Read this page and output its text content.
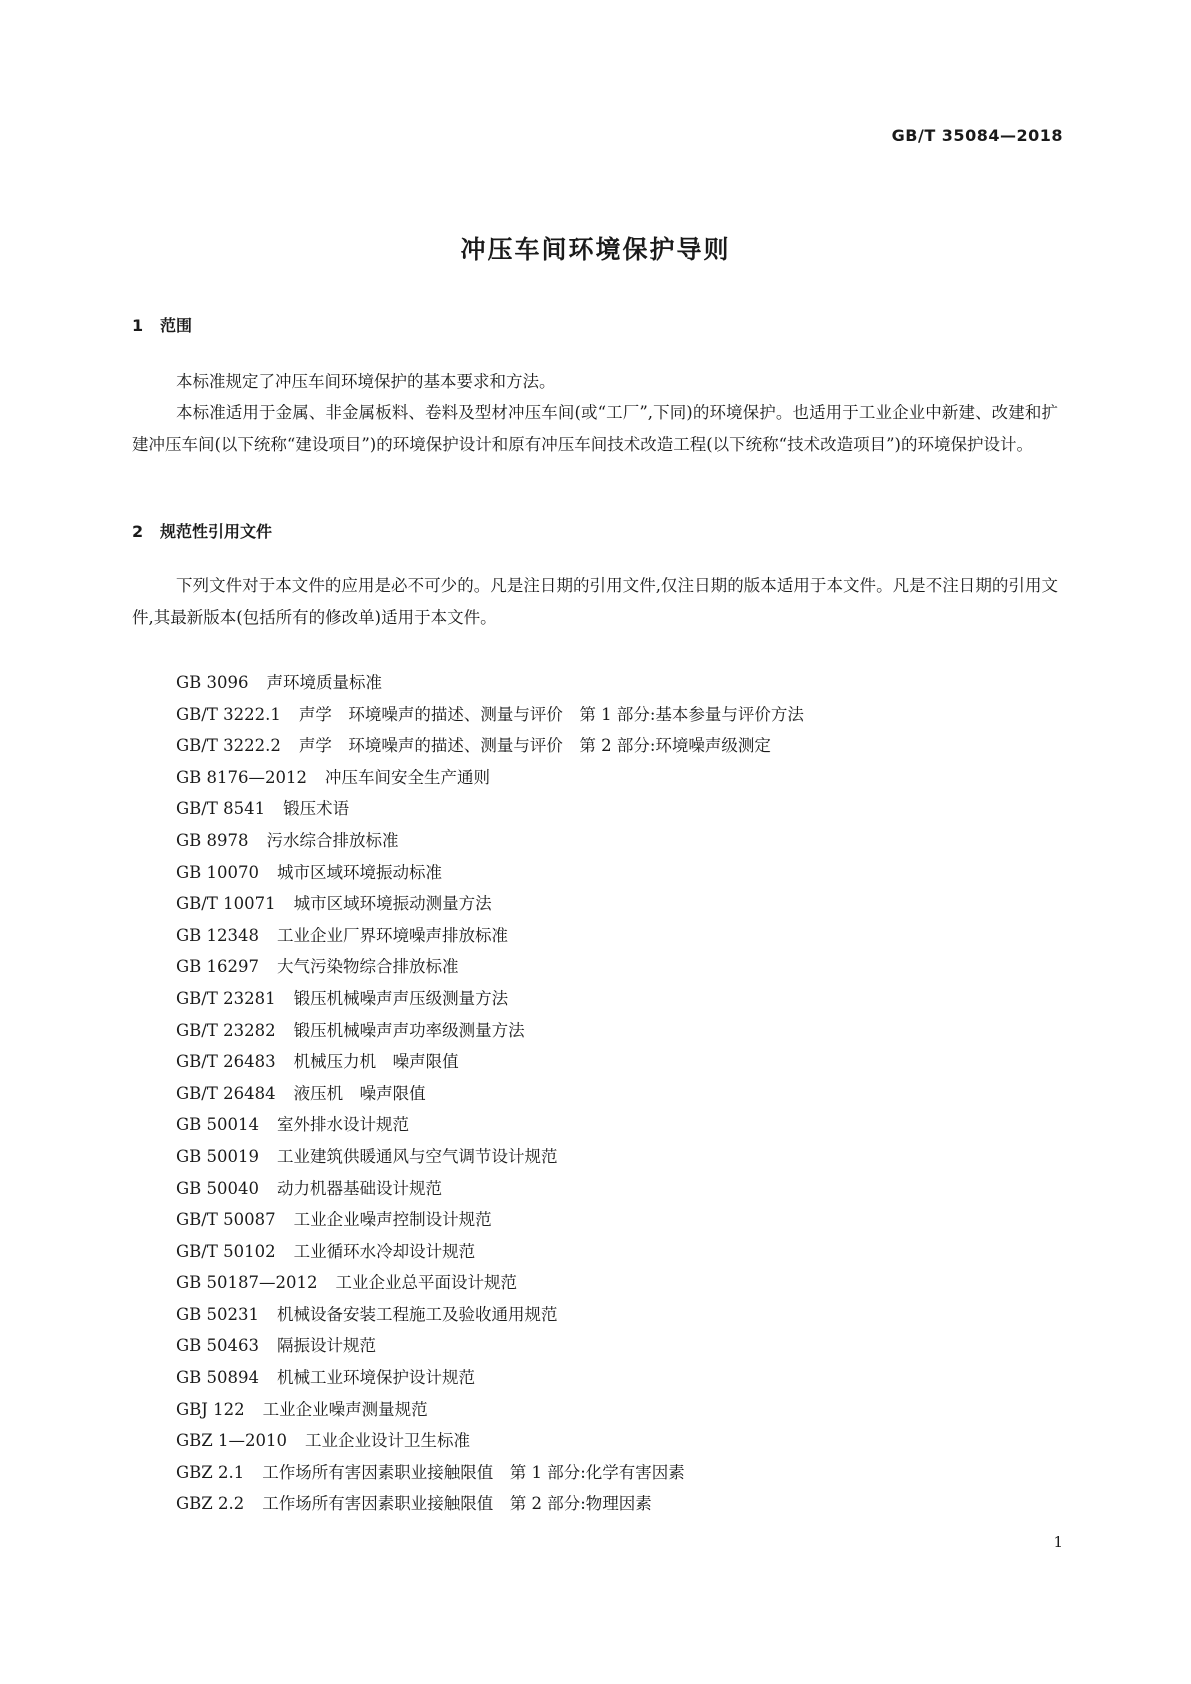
GB/T 35084—2018
冲压车间环境保护导则
1 范围

本标准规定了冲压车间环境保护的基本要求和方法。

本标准适用于金属、非金属板料、卷料及型材冲压车间(或“工厂”,下同)的环境保护。也适用于工业企业中新建、改建和扩建冲压车间(以下统称“建设项目”)的环境保护设计和原有冲压车间技术改造工程(以下统称“技术改造项目”)的环境保护设计。

2 规范性引用文件

下列文件对于本文件的应用是必不可少的。凡是注日期的引用文件,仅注日期的版本适用于本文件。凡是不注日期的引用文件,其最新版本(包括所有的修改单)适用于本文件。

GB 3096 声环境质量标准
GB/T 3222.1 声学　环境噪声的描述、测量与评价　第 1 部分:基本参量与评价方法
GB/T 3222.2 声学　环境噪声的描述、测量与评价　第 2 部分:环境噪声级测定
GB 8176—2012 冲压车间安全生产通则
GB/T 8541 锻压术语
GB 8978 污水综合排放标准
GB 10070 城市区域环境振动标准
GB/T 10071 城市区域环境振动测量方法
GB 12348 工业企业厂界环境噪声排放标准
GB 16297 大气污染物综合排放标准
GB/T 23281 锻压机械噪声声压级测量方法
GB/T 23282 锻压机械噪声声功率级测量方法
GB/T 26483 机械压力机　噪声限值
GB/T 26484 液压机　噪声限值
GB 50014 室外排水设计规范
GB 50019 工业建筑供暖通风与空气调节设计规范
GB 50040 动力机器基础设计规范
GB/T 50087 工业企业噪声控制设计规范
GB/T 50102 工业循环水冷却设计规范
GB 50187—2012 工业企业总平面设计规范
GB 50231 机械设备安装工程施工及验收通用规范
GB 50463 隔振设计规范
GB 50894 机械工业环境保护设计规范
GBJ 122 工业企业噪声测量规范
GBZ 1—2010 工业企业设计卫生标准
GBZ 2.1 工作场所有害因素职业接触限值　第 1 部分:化学有害因素
GBZ 2.2 工作场所有害因素职业接触限值　第 2 部分:物理因素
1
